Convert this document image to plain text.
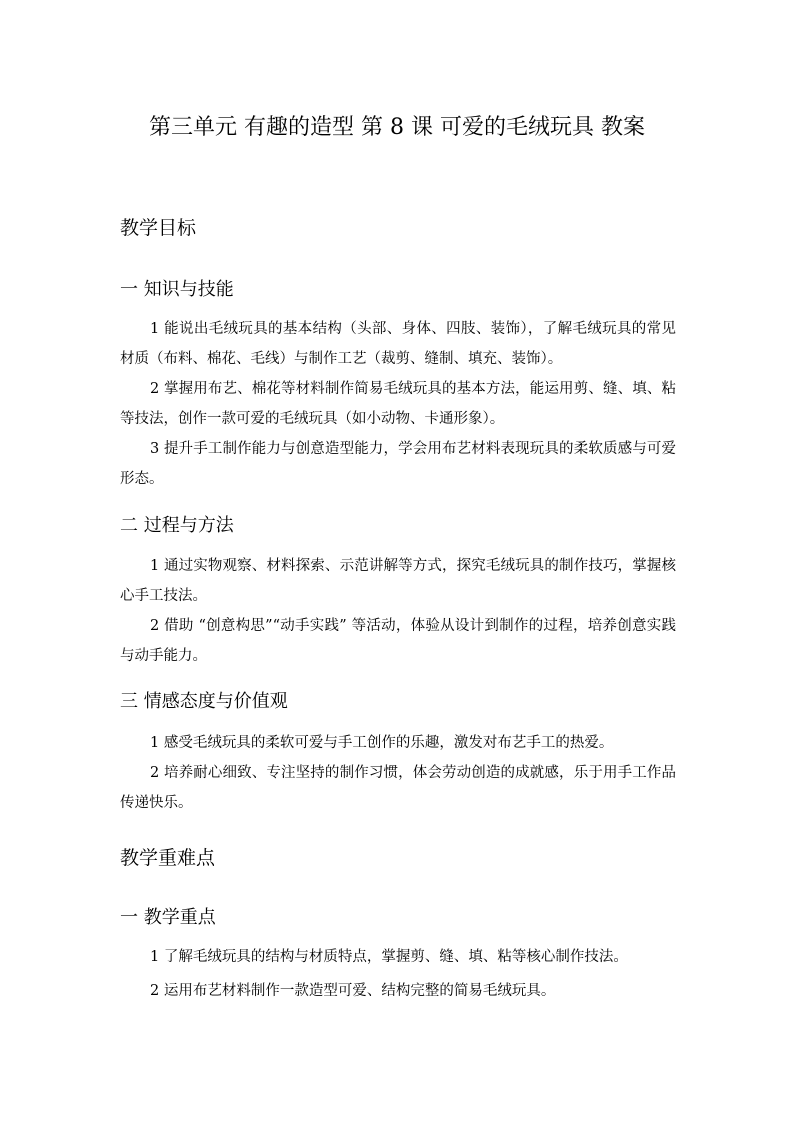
第三单元 有趣的造型 第 8 课 可爱的毛绒玩具 教案
教学目标
一 知识与技能

1 能说出毛绒玩具的基本结构（头部、身体、四肢、装饰），了解毛绒玩具的常见材质（布料、棉花、毛线）与制作工艺（裁剪、缝制、填充、装饰）。

2 掌握用布艺、棉花等材料制作简易毛绒玩具的基本方法，能运用剪、缝、填、粘等技法，创作一款可爱的毛绒玩具（如小动物、卡通形象）。

3 提升手工制作能力与创意造型能力，学会用布艺材料表现玩具的柔软质感与可爱形态。

二 过程与方法

1 通过实物观察、材料探索、示范讲解等方式，探究毛绒玩具的制作技巧，掌握核心手工技法。

2 借助 “创意构思”“动手实践” 等活动，体验从设计到制作的过程，培养创意实践与动手能力。

三 情感态度与价值观

1 感受毛绒玩具的柔软可爱与手工创作的乐趣，激发对布艺手工的热爱。

2 培养耐心细致、专注坚持的制作习惯，体会劳动创造的成就感，乐于用手工作品传递快乐。

教学重难点
一 教学重点

1 了解毛绒玩具的结构与材质特点，掌握剪、缝、填、粘等核心制作技法。

2 运用布艺材料制作一款造型可爱、结构完整的简易毛绒玩具。
